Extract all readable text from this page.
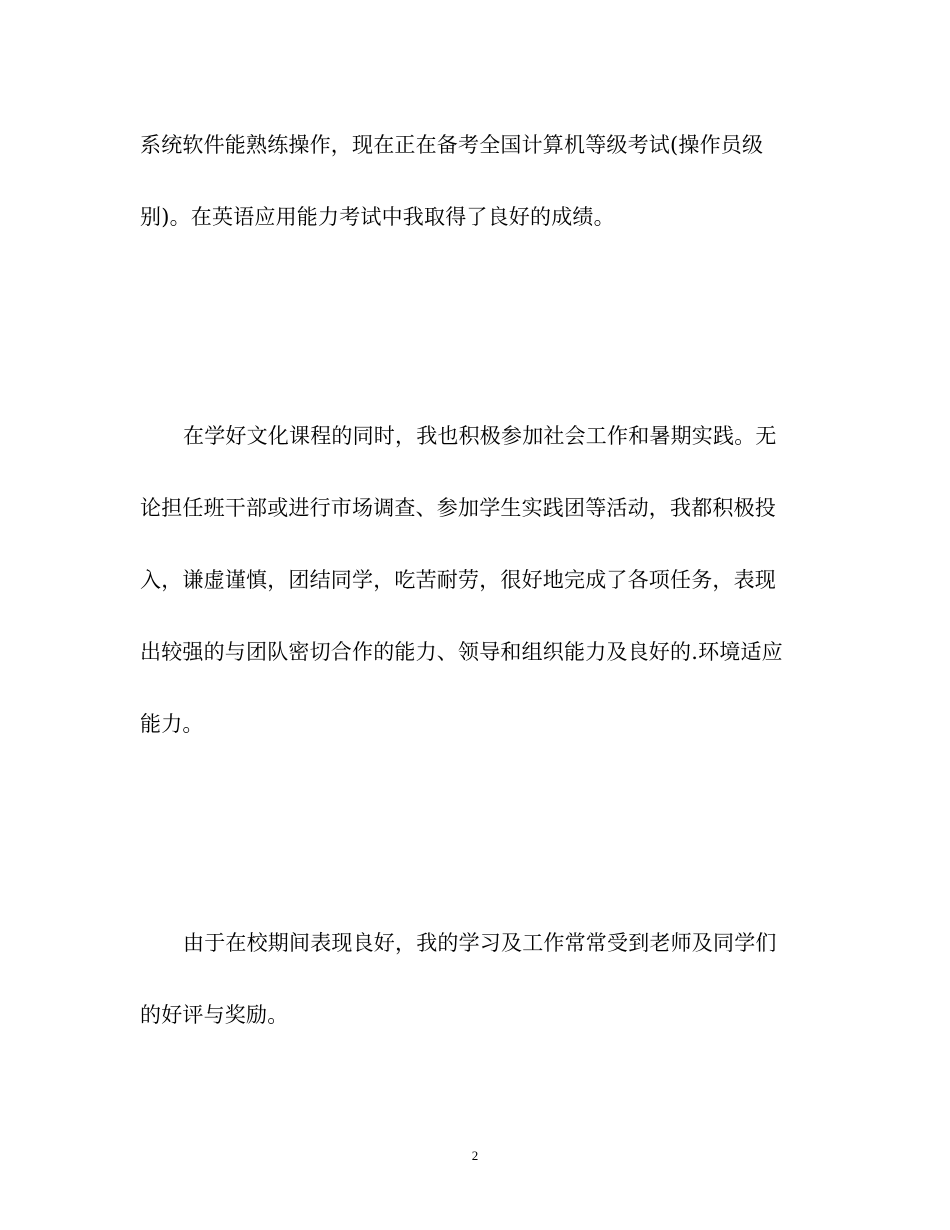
系统软件能熟练操作，现在正在备考全国计算机等级考试(操作员级
别)。在英语应用能力考试中我取得了良好的成绩。
在学好文化课程的同时，我也积极参加社会工作和暑期实践。无
论担任班干部或进行市场调查、参加学生实践团等活动，我都积极投
入，谦虚谨慎，团结同学，吃苦耐劳，很好地完成了各项任务，表现
出较强的与团队密切合作的能力、领导和组织能力及良好的.环境适应
能力。
由于在校期间表现良好，我的学习及工作常常受到老师及同学们
的好评与奖励。
2
